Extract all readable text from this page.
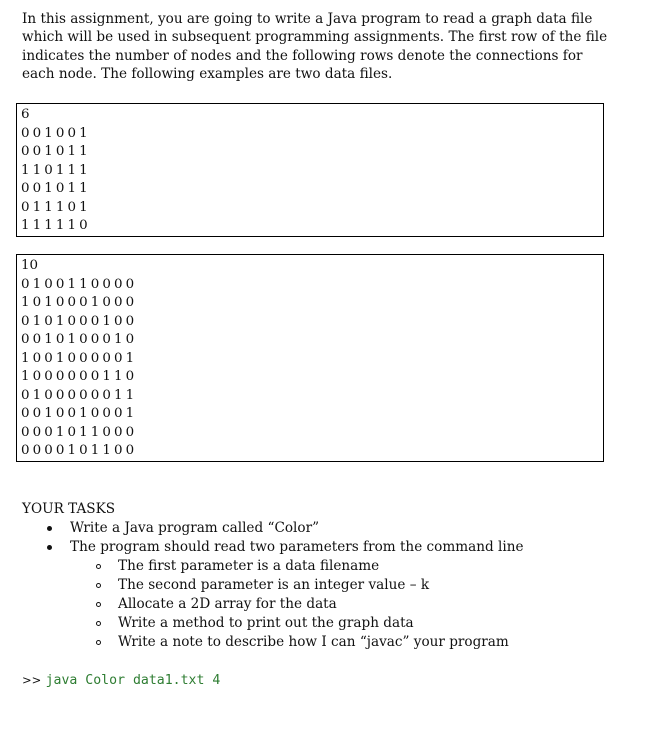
In this assignment, you are going to write a Java program to read a graph data file
which will be used in subsequent programming assignments. The first row of the file
indicates the number of nodes and the following rows denote the connections for
each node. The following examples are two data files.
6
001001
001011
110111
001011
011101
111110
10
0100110000
1010001000
0101000100
0010100010
1001000001
1000000110
0100000011
0010010001
0001011000
0000101100
YOUR TASKS
Write a Java program called “Color”
The program should read two parameters from the command line
The first parameter is a data filename
The second parameter is an integer value – k
Allocate a 2D array for the data
Write a method to print out the graph data
Write a note to describe how I can “javac” your program
>> java Color data1.txt 4
